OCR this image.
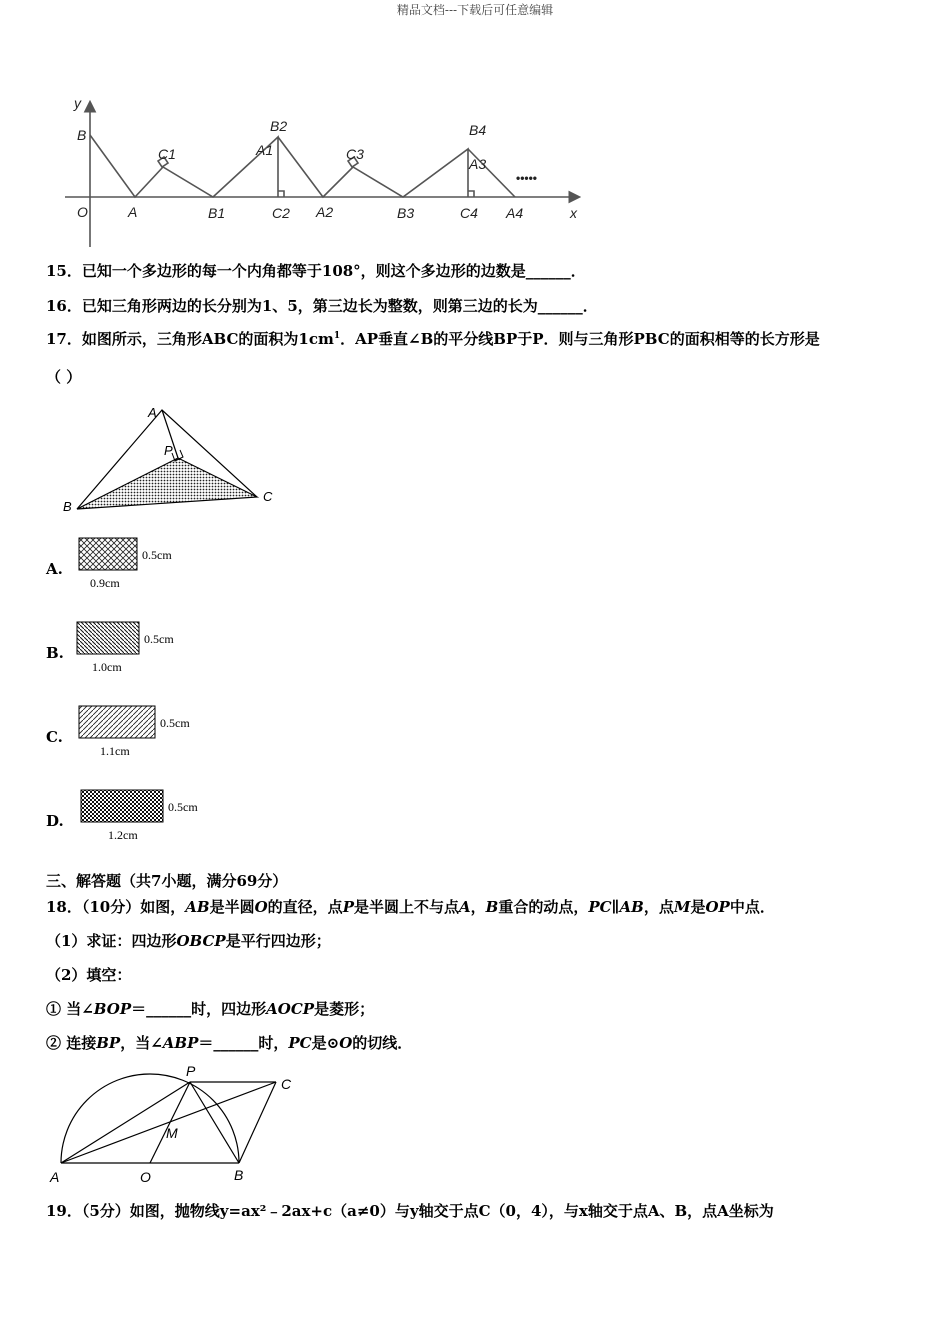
精品文档---下载后可任意编辑
y
x
O
B
A
C1
B1
B2
A1
C2 A2
C3
B3
B4
A3
C4 A4
•••••
15．已知一个多边形的每一个内角都等于108°，则这个多边形的边数是______．
16．已知三角形两边的长分别为1、5，第三边长为整数，则第三边的长为______．
17．如图所示，三角形ABC的面积为$1cm^1$．AP垂直∠B的平分线BP于P．则与三角形PBC的面积相等的长方形是
（ ）
A
B
C
P
A.
0.5cm
0.9cm
B.
0.5cm
1.0cm
C.
0.5cm
1.1cm
D.
0.5cm
1.2cm
三、解答题（共7小题，满分69分）
18．（10分）如图，AB是半圆O的直径，点P是半圆上不与点A，B重合的动点，PC∥AB，点M是OP中点．
（1）求证：四边形OBCP是平行四边形；
（2）填空：
① 当∠BOP＝______时，四边形AOCP是菱形；
② 连接BP，当∠ABP＝______时，PC是⊙O的切线．
P
C
M
A	O	B
19．（5分）如图，抛物线y=ax²﹣2ax+c（a≠0）与y轴交于点C（0，4），与x轴交于点A、B，点A坐标为
